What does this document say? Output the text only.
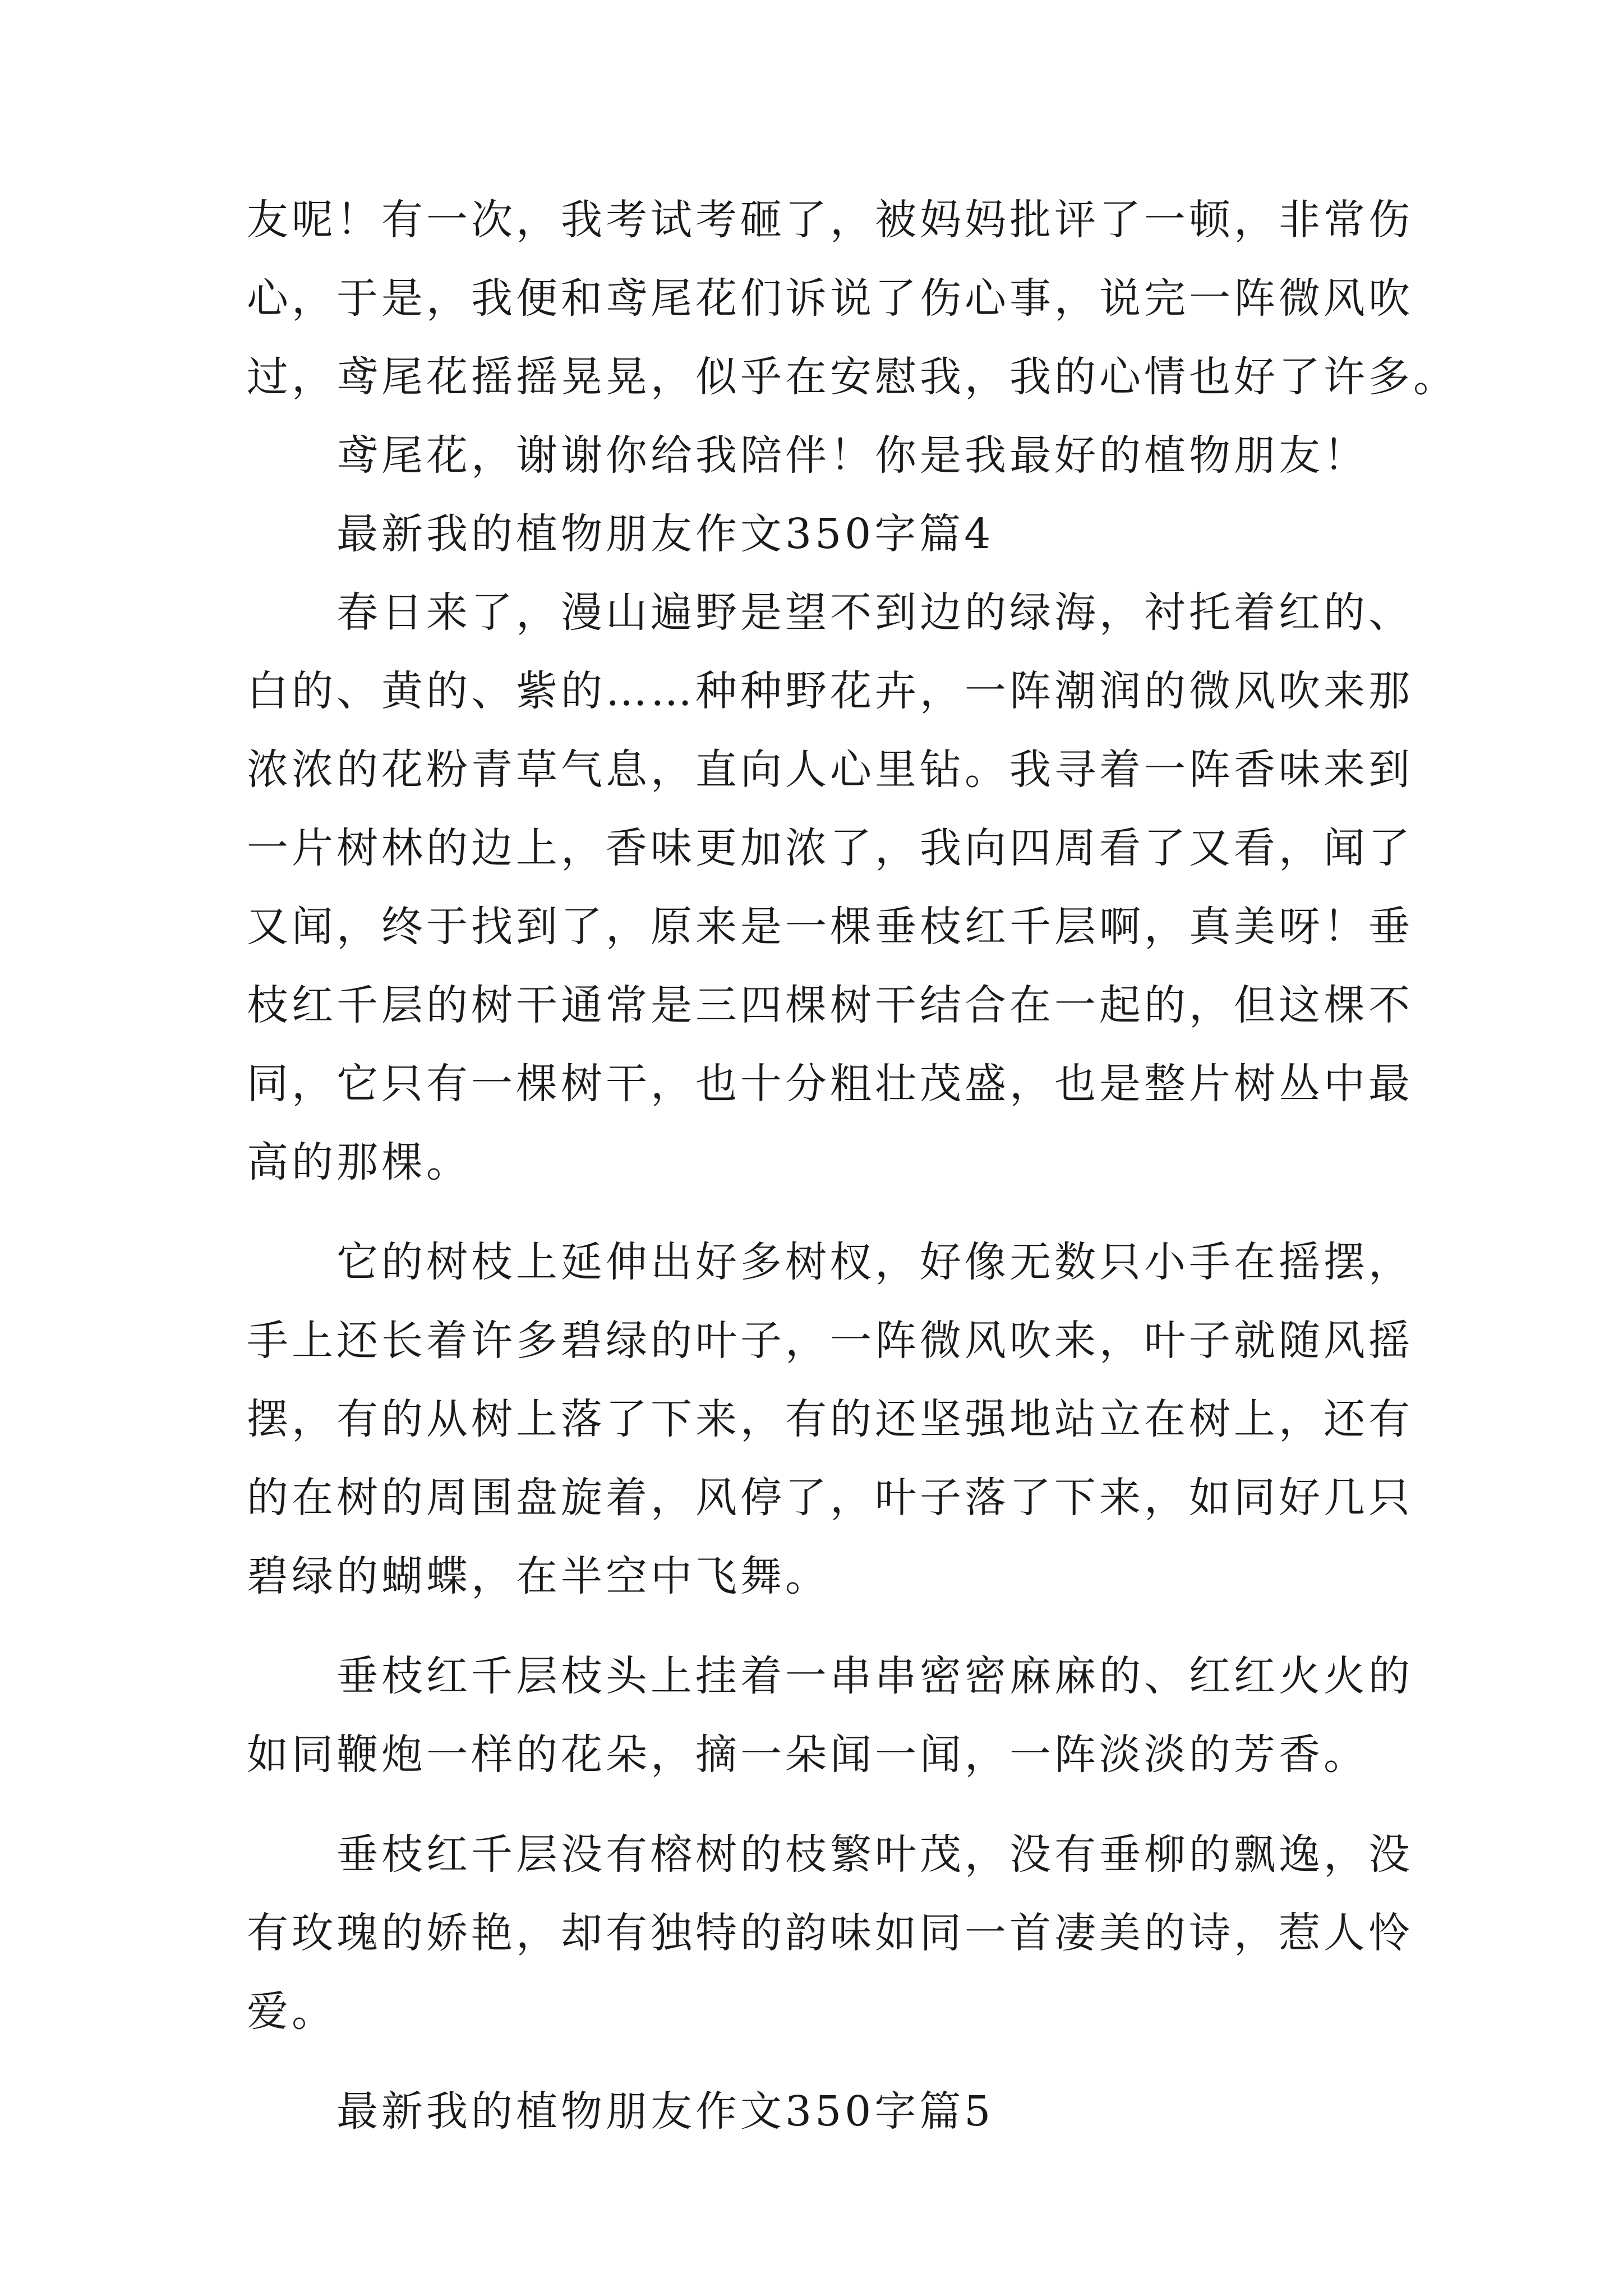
友呢！有一次，我考试考砸了，被妈妈批评了一顿，非常伤
心，于是，我便和鸢尾花们诉说了伤心事，说完一阵微风吹
过，鸢尾花摇摇晃晃，似乎在安慰我，我的心情也好了许多。
鸢尾花，谢谢你给我陪伴！你是我最好的植物朋友！
最新我的植物朋友作文350字篇4
春日来了，漫山遍野是望不到边的绿海，衬托着红的、
白的、黄的、紫的……种种野花卉，一阵潮润的微风吹来那
浓浓的花粉青草气息，直向人心里钻。我寻着一阵香味来到
一片树林的边上，香味更加浓了，我向四周看了又看，闻了
又闻，终于找到了，原来是一棵垂枝红千层啊，真美呀！垂
枝红千层的树干通常是三四棵树干结合在一起的，但这棵不
同，它只有一棵树干，也十分粗壮茂盛，也是整片树丛中最
高的那棵。
它的树枝上延伸出好多树杈，好像无数只小手在摇摆，
手上还长着许多碧绿的叶子，一阵微风吹来，叶子就随风摇
摆，有的从树上落了下来，有的还坚强地站立在树上，还有
的在树的周围盘旋着，风停了，叶子落了下来，如同好几只
碧绿的蝴蝶，在半空中飞舞。
垂枝红千层枝头上挂着一串串密密麻麻的、红红火火的
如同鞭炮一样的花朵，摘一朵闻一闻，一阵淡淡的芳香。
垂枝红千层没有榕树的枝繁叶茂，没有垂柳的飘逸，没
有玫瑰的娇艳，却有独特的韵味如同一首凄美的诗，惹人怜
爱。
最新我的植物朋友作文350字篇5
